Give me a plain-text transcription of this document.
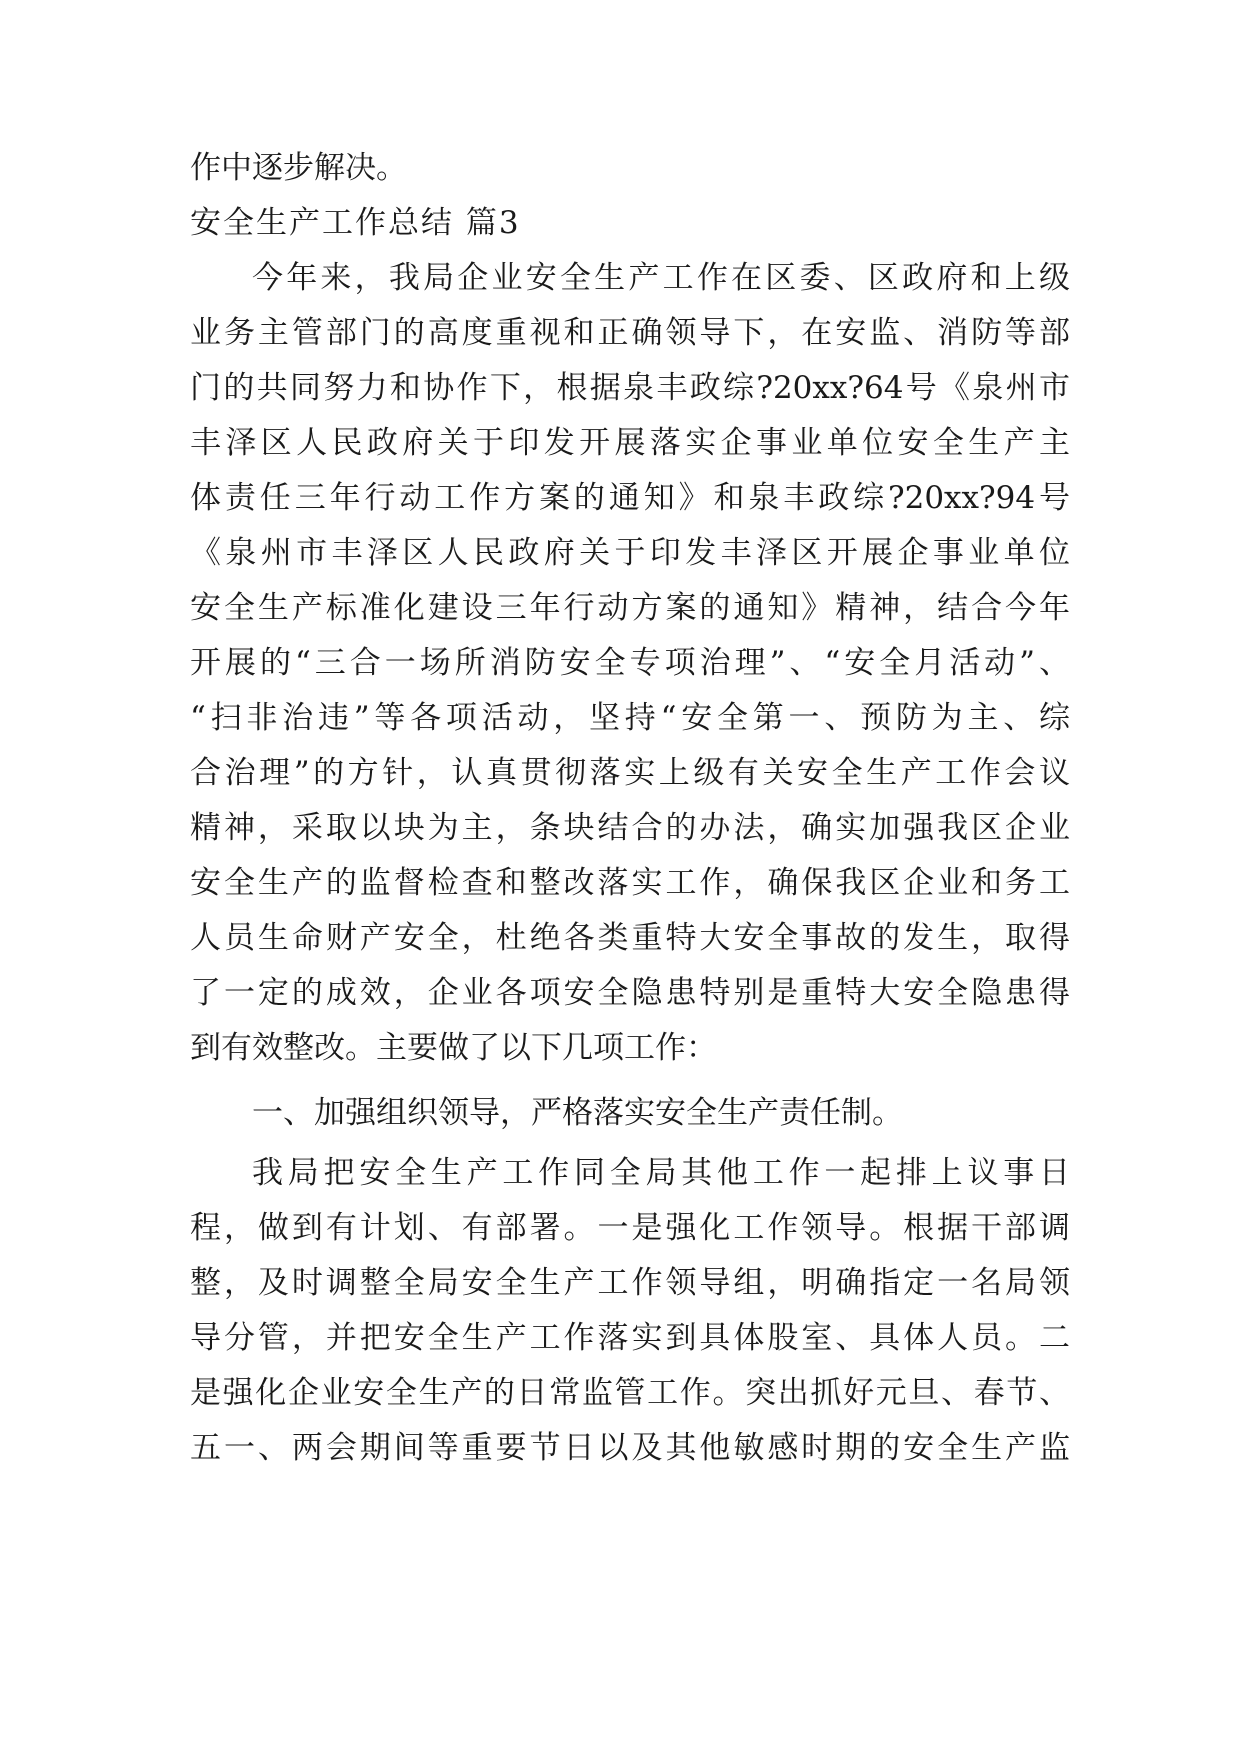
作中逐步解决。
安全生产工作总结 篇3
今年来，我局企业安全生产工作在区委、区政府和上级
业务主管部门的高度重视和正确领导下，在安监、消防等部
门的共同努力和协作下，根据泉丰政综?20xx?64号《泉州市
丰泽区人民政府关于印发开展落实企事业单位安全生产主
体责任三年行动工作方案的通知》和泉丰政综?20xx?94号
《泉州市丰泽区人民政府关于印发丰泽区开展企事业单位
安全生产标准化建设三年行动方案的通知》精神，结合今年
开展的“三合一场所消防安全专项治理”、“安全月活动”、
“扫非治违”等各项活动，坚持“安全第一、预防为主、综
合治理”的方针，认真贯彻落实上级有关安全生产工作会议
精神，采取以块为主，条块结合的办法，确实加强我区企业
安全生产的监督检查和整改落实工作，确保我区企业和务工
人员生命财产安全，杜绝各类重特大安全事故的发生，取得
了一定的成效，企业各项安全隐患特别是重特大安全隐患得
到有效整改。主要做了以下几项工作：
一、加强组织领导，严格落实安全生产责任制。
我局把安全生产工作同全局其他工作一起排上议事日
程，做到有计划、有部署。一是强化工作领导。根据干部调
整，及时调整全局安全生产工作领导组，明确指定一名局领
导分管，并把安全生产工作落实到具体股室、具体人员。二
是强化企业安全生产的日常监管工作。突出抓好元旦、春节、
五一、两会期间等重要节日以及其他敏感时期的安全生产监
